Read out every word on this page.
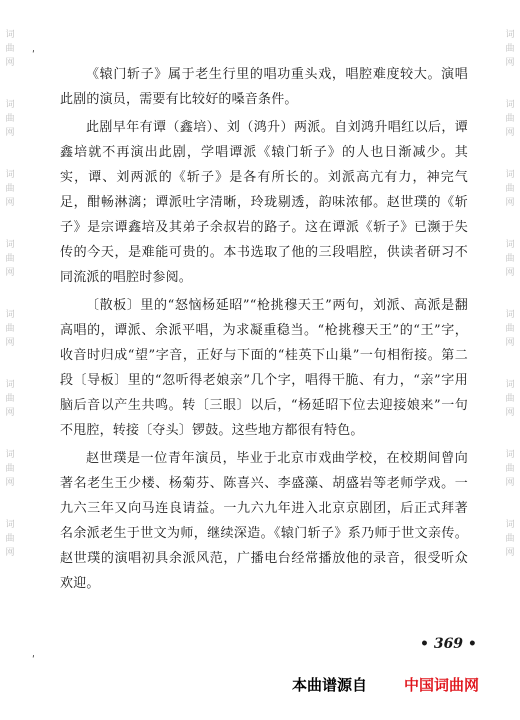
词
曲
网
词
曲
网
词
曲
网
词
曲
网
词
曲
网
词
曲
网
词
曲
网
词
曲
网
词
曲
网
词
曲
网
词
曲
网
词
曲
网
词
曲
网
词
曲
网
词
曲
网
词
曲
网
ʹ
ʹ

《辕门斩子》属于老生行里的唱功重头戏，唱腔难度较大。演唱此剧的演员，需要有比较好的嗓音条件。

此剧早年有谭（鑫培）、刘（鸿升）两派。自刘鸿升唱红以后，谭鑫培就不再演出此剧，学唱谭派《辕门斩子》的人也日渐减少。其实，谭、刘两派的《斩子》是各有所长的。刘派高亢有力，神完气足，酣畅淋漓；谭派吐字清晰，玲珑剔透，韵味浓郁。赵世璞的《斩子》是宗谭鑫培及其弟子余叔岩的路子。这在谭派《斩子》已濒于失传的今天，是难能可贵的。本书选取了他的三段唱腔，供读者研习不同流派的唱腔时参阅。

〔散板〕里的“怒恼杨延昭”“枪挑穆天王”两句，刘派、高派是翻高唱的，谭派、余派平唱，为求凝重稳当。“枪挑穆天王”的“王”字，收音时归成“望”字音，正好与下面的“桂英下山巢”一句相衔接。第二段〔导板〕里的“忽听得老娘亲”几个字，唱得干脆、有力，“亲”字用脑后音以产生共鸣。转〔三眼〕以后，“杨延昭下位去迎接娘来”一句不甩腔，转接〔夺头〕锣鼓。这些地方都很有特色。

赵世璞是一位青年演员，毕业于北京市戏曲学校，在校期间曾向著名老生王少楼、杨菊芬、陈喜兴、李盛藻、胡盛岩等老师学戏。一九六三年又向马连良请益。一九六九年进入北京京剧团，后正式拜著名余派老生于世文为师，继续深造。《辕门斩子》系乃师于世文亲传。赵世璞的演唱初具余派风范，广播电台经常播放他的录音，很受听众欢迎。

• 369 •
本曲谱源自 中国词曲网
